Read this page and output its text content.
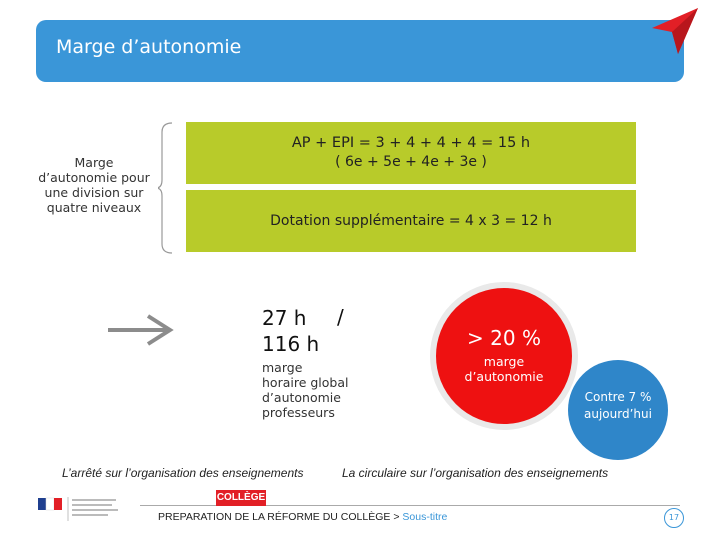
Marge d’autonomie
Marge
d’autonomie pour
une division sur
quatre niveaux
AP + EPI = 3 + 4 + 4 + 4 = 15 h
( 6e + 5e + 4e + 3e )
Dotation supplémentaire = 4 x 3 = 12 h
27 h
116 h
/
marge
horaire global
d’autonomie
professeurs
> 20 %
marge
d’autonomie
Contre 7 %
aujourd’hui
L’arrêté sur l’organisation des enseignements	La circulaire sur l’organisation des enseignements
COLLÈGE
PREPARATION DE LA RÉFORME DU COLLÈGE > Sous-titre	17
